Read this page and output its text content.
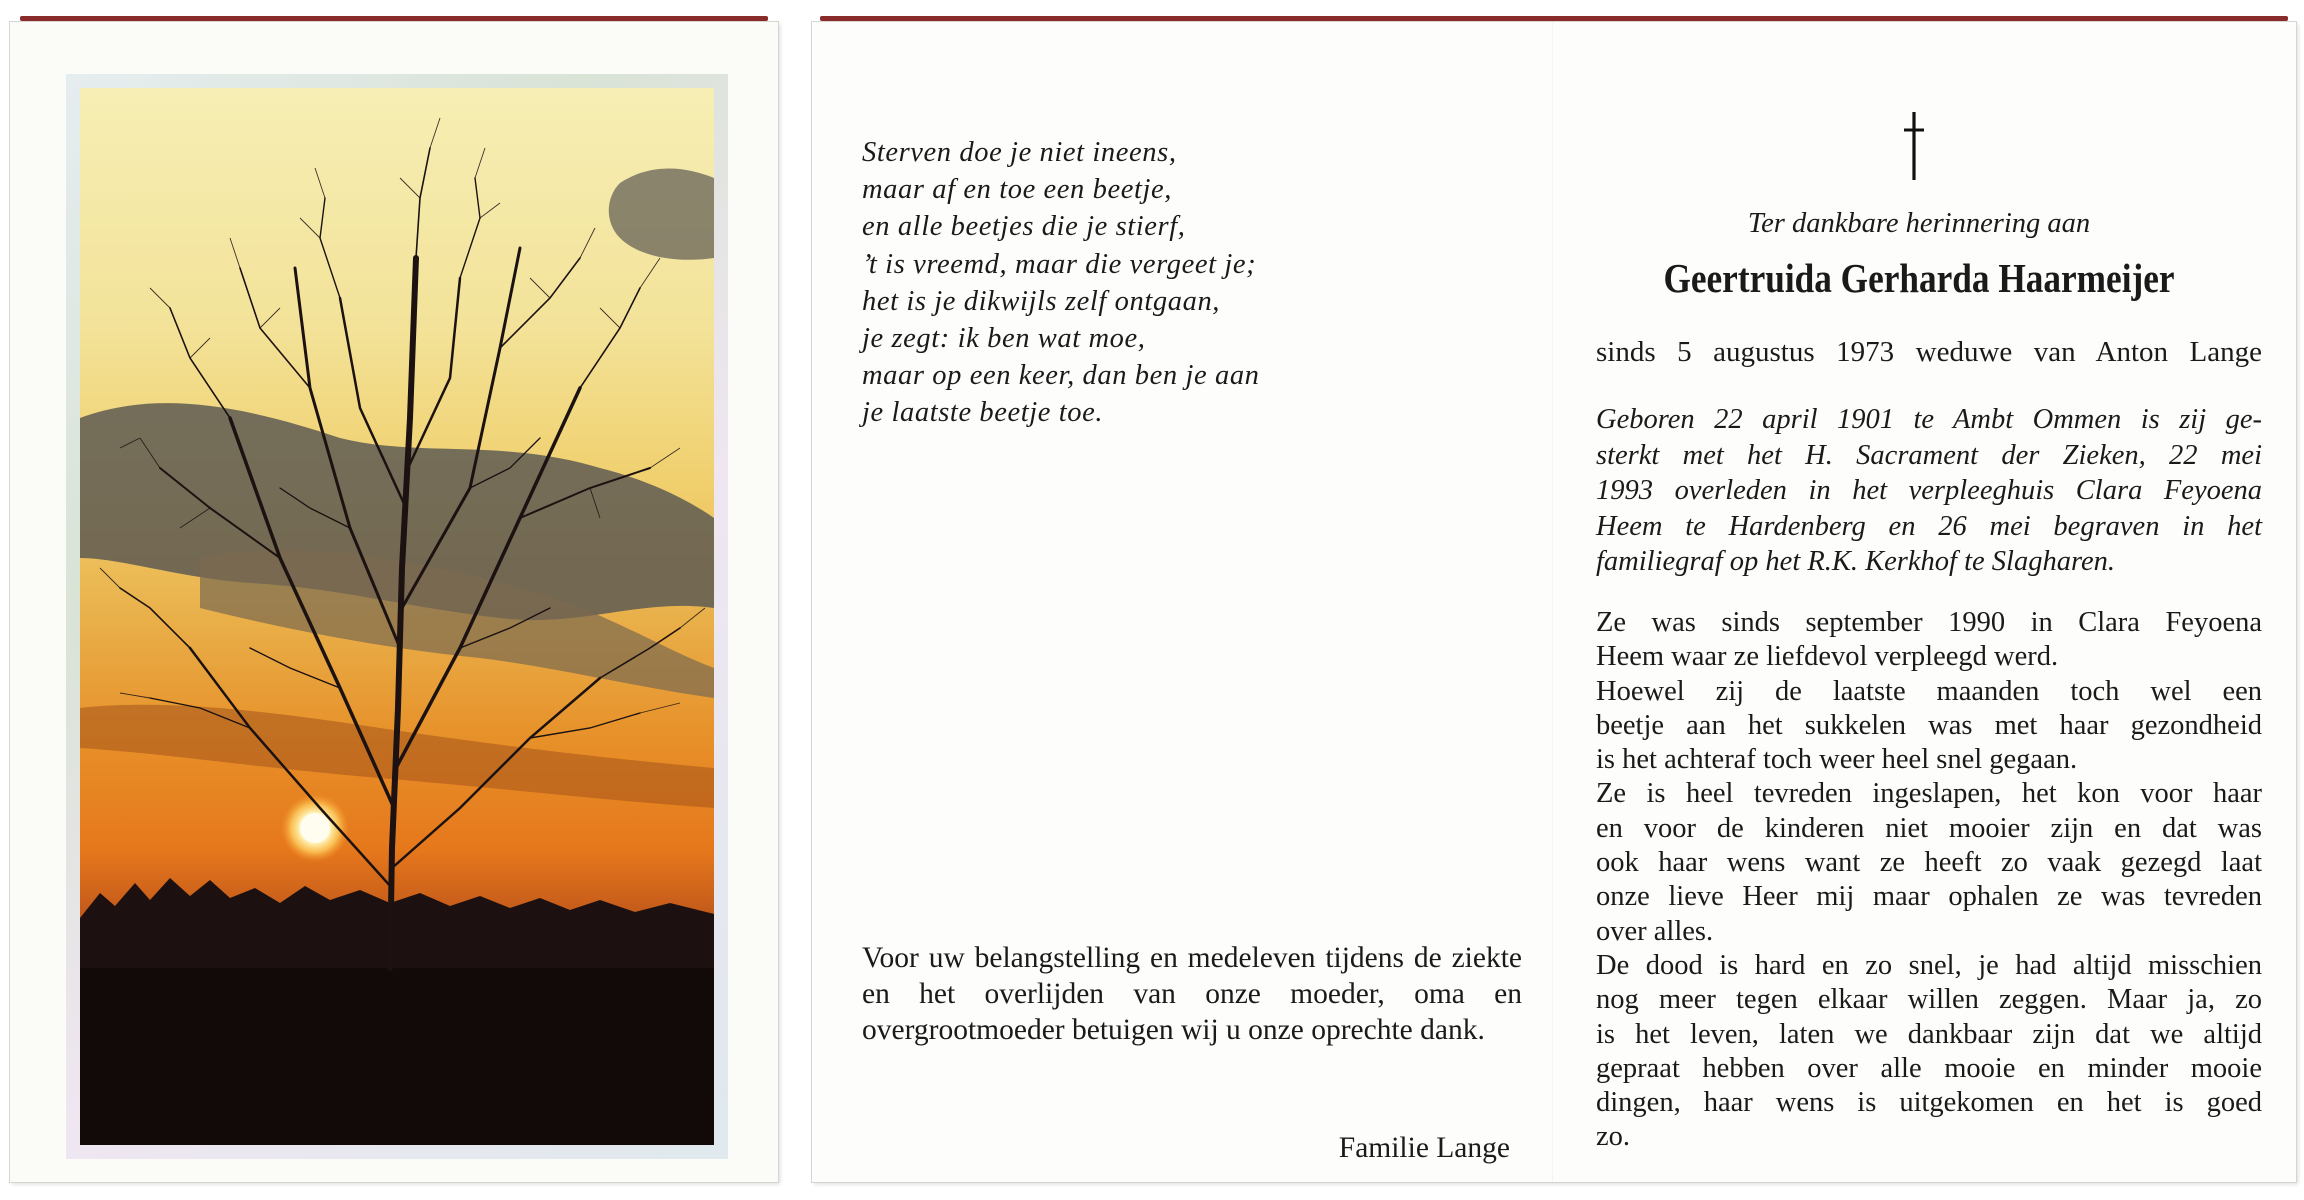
Sterven doe je niet ineens,
maar af en toe een beetje,
en alle beetjes die je stierf,
’t is vreemd, maar die vergeet je;
het is je dikwijls zelf ontgaan,
je zegt: ik ben wat moe,
maar op een keer, dan ben je aan
je laatste beetje toe.
Voor uw belangstelling en medeleven tijdens de ziekte en het overlijden van onze moeder, oma en overgrootmoeder betuigen wij u onze oprechte dank.
Familie Lange
Ter dankbare herinnering aan
Geertruida Gerharda Haarmeijer
sinds 5 augustus 1973 weduwe van Anton Lange
Geboren 22 april 1901 te Ambt Ommen is zij ge-
sterkt met het H. Sacrament der Zieken, 22 mei
1993 overleden in het verpleeghuis Clara Feyoena
Heem te Hardenberg en 26 mei begraven in het
familiegraf op het R.K. Kerkhof te Slagharen.
Ze was sinds september 1990 in Clara Feyoena
Heem waar ze liefdevol verpleegd werd.
Hoewel zij de laatste maanden toch wel een
beetje aan het sukkelen was met haar gezondheid
is het achteraf toch weer heel snel gegaan.
Ze is heel tevreden ingeslapen, het kon voor haar
en voor de kinderen niet mooier zijn en dat was
ook haar wens want ze heeft zo vaak gezegd laat
onze lieve Heer mij maar ophalen ze was tevreden
over alles.
De dood is hard en zo snel, je had altijd misschien
nog meer tegen elkaar willen zeggen. Maar ja, zo
is het leven, laten we dankbaar zijn dat we altijd
gepraat hebben over alle mooie en minder mooie
dingen, haar wens is uitgekomen en het is goed
zo.
